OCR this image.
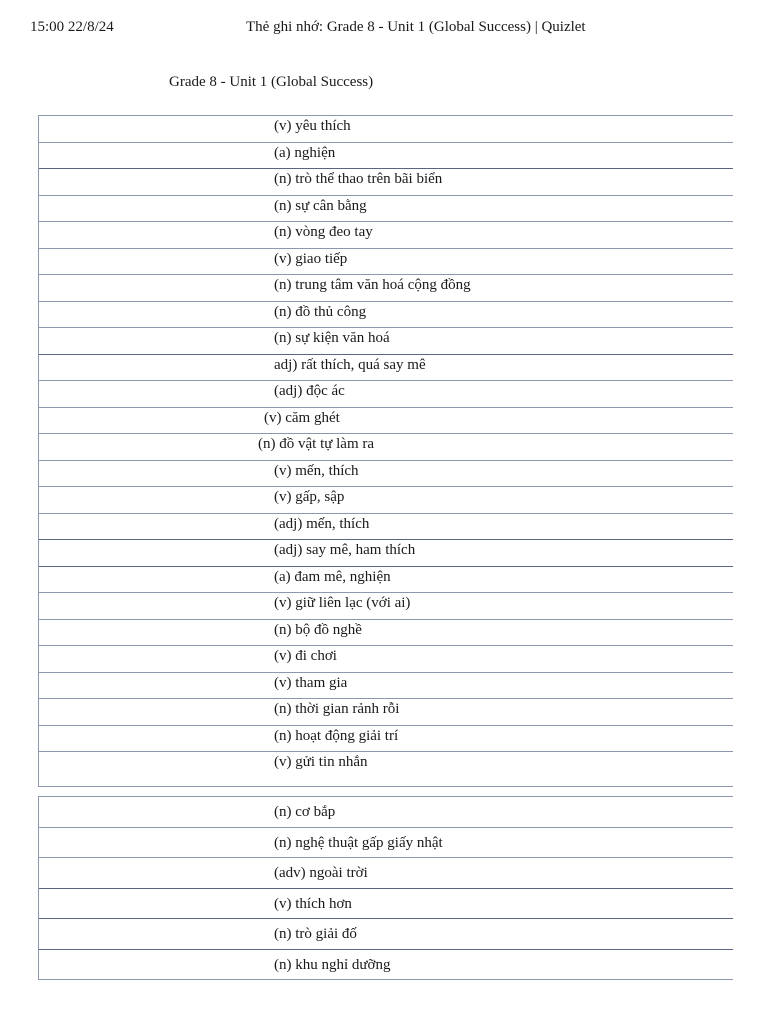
15:00 22/8/24	Thẻ ghi nhớ: Grade 8 - Unit 1 (Global Success) | Quizlet
Grade 8 - Unit 1 (Global Success)
(v) yêu thích
(a) nghiện
(n) trò thể thao trên bãi biển
(n) sự cân bằng
(n) vòng đeo tay
(v) giao tiếp
(n) trung tâm văn hoá cộng đồng
(n) đồ thủ công
(n) sự kiện văn hoá
adj) rất thích, quá say mê
(adj) độc ác
(v) căm ghét
(n) đồ vật tự làm ra
(v) mến, thích
(v) gấp, sập
(adj) mến, thích
(adj) say mê, ham thích
(a) đam mê, nghiện
(v) giữ liên lạc (với ai)
(n) bộ đồ nghề
(v) đi chơi
(v) tham gia
(n) thời gian rảnh rỗi
(n) hoạt động giải trí
(v) gửi tin nhắn
(n) cơ bắp
(n) nghệ thuật gấp giấy nhật
(adv) ngoài trời
(v) thích hơn
(n) trò giải đố
(n) khu nghỉ dưỡng
